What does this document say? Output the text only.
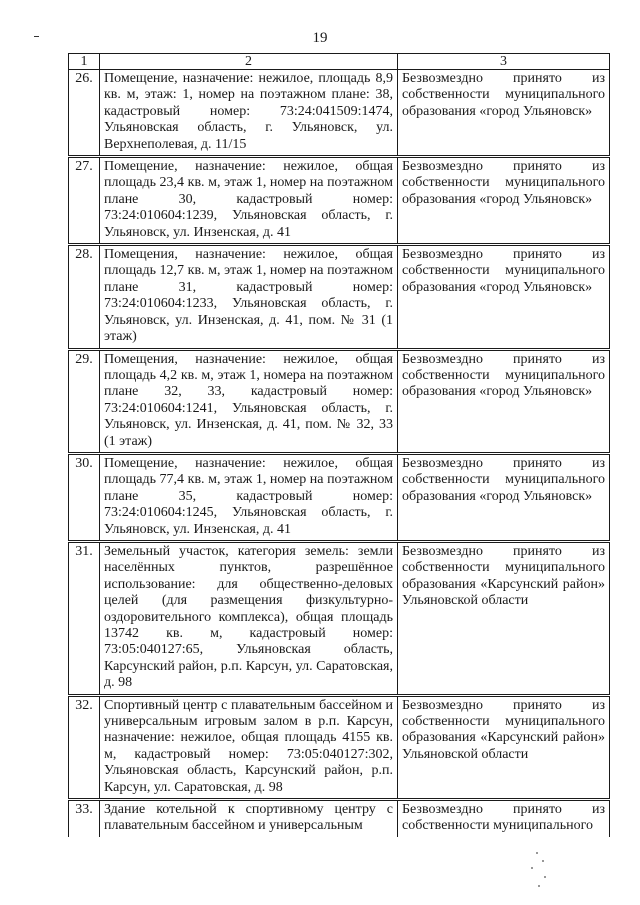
19
1	2	3
26.	Помещение, назначение: нежилое, площадь 8,9 кв. м, этаж: 1, номер на поэтажном плане: 38, кадастровый номер: 73:24:041509:1474, Ульяновская область, г. Ульяновск, ул. Верхнеполевая, д. 11/15	Безвозмездно принято из собственности муниципального образования «город Ульяновск»
27.	Помещение, назначение: нежилое, общая площадь 23,4 кв. м, этаж 1, номер на поэтажном плане 30, кадастровый номер: 73:24:010604:1239, Ульяновская область, г. Ульяновск, ул. Инзенская, д. 41	Безвозмездно принято из собственности муниципального образования «город Ульяновск»
28.	Помещения, назначение: нежилое, общая площадь 12,7 кв. м, этаж 1, номер на поэтажном плане 31, кадастровый номер: 73:24:010604:1233, Ульяновская область, г. Ульяновск, ул. Инзенская, д. 41, пом. № 31 (1 этаж)	Безвозмездно принято из собственности муниципального образования «город Ульяновск»
29.	Помещения, назначение: нежилое, общая площадь 4,2 кв. м, этаж 1, номера на поэтажном плане 32, 33, кадастровый номер: 73:24:010604:1241, Ульяновская область, г. Ульяновск, ул. Инзенская, д. 41, пом. № 32, 33 (1 этаж)	Безвозмездно принято из собственности муниципального образования «город Ульяновск»
30.	Помещение, назначение: нежилое, общая площадь 77,4 кв. м, этаж 1, номер на поэтажном плане 35, кадастровый номер: 73:24:010604:1245, Ульяновская область, г. Ульяновск, ул. Инзенская, д. 41	Безвозмездно принято из собственности муниципального образования «город Ульяновск»
31.	Земельный участок, категория земель: земли населённых пунктов, разрешённое использование: для общественно-деловых целей (для размещения физкультурно-оздоровительного комплекса), общая площадь 13742 кв. м, кадастровый номер: 73:05:040127:65, Ульяновская область, Карсунский район, р.п. Карсун, ул. Саратовская, д. 98	Безвозмездно принято из собственности муниципального образования «Карсунский район» Ульяновской области
32.	Спортивный центр с плавательным бассейном и универсальным игровым залом в р.п. Карсун, назначение: нежилое, общая площадь 4155 кв. м, кадастровый номер: 73:05:040127:302, Ульяновская область, Карсунский район, р.п. Карсун, ул. Саратовская, д. 98	Безвозмездно принято из собственности муниципального образования «Карсунский район» Ульяновской области
33.	Здание котельной к спортивному центру с плавательным бассейном и универсальным	Безвозмездно принято из собственности муниципального
